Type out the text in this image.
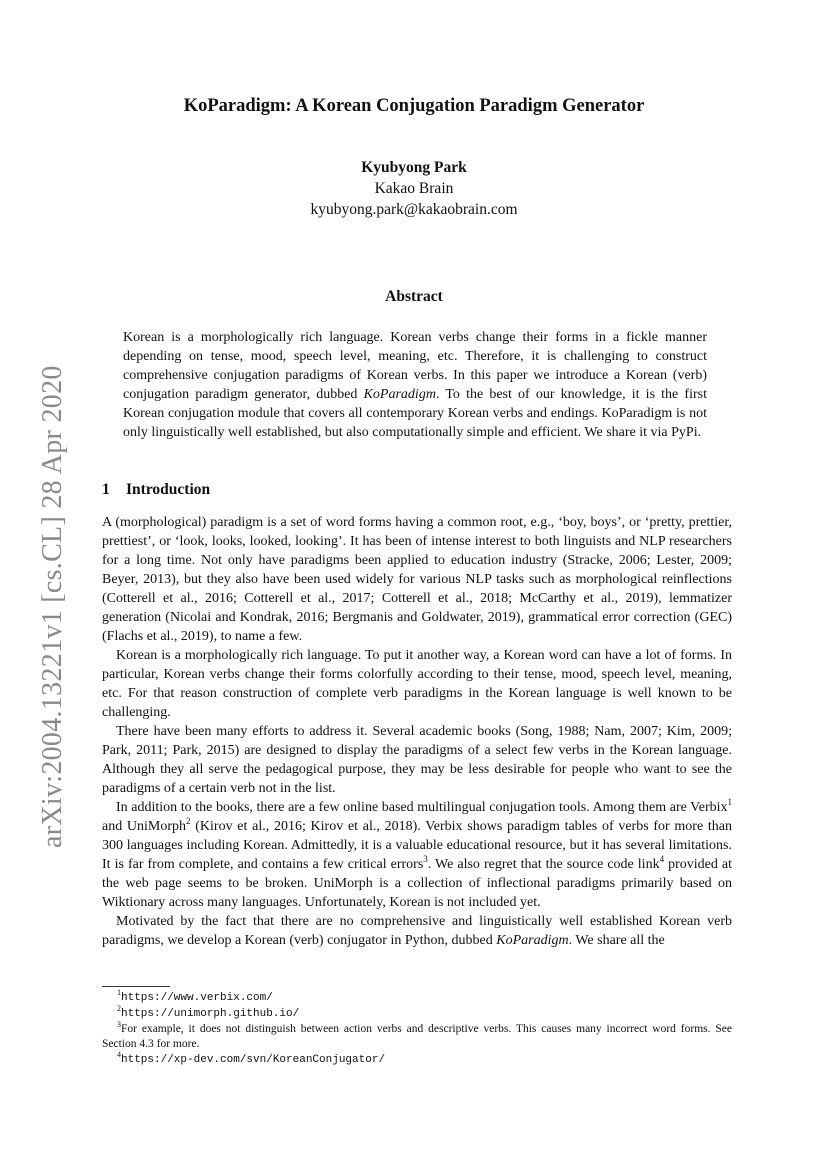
arXiv:2004.13221v1 [cs.CL] 28 Apr 2020
KoParadigm: A Korean Conjugation Paradigm Generator
Kyubyong Park
Kakao Brain
kyubyong.park@kakaobrain.com
Abstract

Korean is a morphologically rich language. Korean verbs change their forms in a fickle manner depending on tense, mood, speech level, meaning, etc. Therefore, it is challenging to construct comprehensive conjugation paradigms of Korean verbs. In this paper we introduce a Korean (verb) conjugation paradigm generator, dubbed KoParadigm. To the best of our knowledge, it is the first Korean conjugation module that covers all contemporary Korean verbs and endings. KoParadigm is not only linguistically well established, but also computationally simple and efficient. We share it via PyPi.

1 Introduction

A (morphological) paradigm is a set of word forms having a common root, e.g., ‘boy, boys’, or ‘pretty, prettier, prettiest’, or ‘look, looks, looked, looking’. It has been of intense interest to both linguists and NLP researchers for a long time. Not only have paradigms been applied to education industry (Stracke, 2006; Lester, 2009; Beyer, 2013), but they also have been used widely for various NLP tasks such as morphological reinflections (Cotterell et al., 2016; Cotterell et al., 2017; Cotterell et al., 2018; McCarthy et al., 2019), lemmatizer generation (Nicolai and Kondrak, 2016; Bergmanis and Goldwater, 2019), grammatical error correction (GEC) (Flachs et al., 2019), to name a few.

Korean is a morphologically rich language. To put it another way, a Korean word can have a lot of forms. In particular, Korean verbs change their forms colorfully according to their tense, mood, speech level, meaning, etc. For that reason construction of complete verb paradigms in the Korean language is well known to be challenging.

There have been many efforts to address it. Several academic books (Song, 1988; Nam, 2007; Kim, 2009; Park, 2011; Park, 2015) are designed to display the paradigms of a select few verbs in the Korean language. Although they all serve the pedagogical purpose, they may be less desirable for people who want to see the paradigms of a certain verb not in the list.

In addition to the books, there are a few online based multilingual conjugation tools. Among them are Verbix$^1$ and UniMorph$^2$ (Kirov et al., 2016; Kirov et al., 2018). Verbix shows paradigm tables of verbs for more than 300 languages including Korean. Admittedly, it is a valuable educational resource, but it has several limitations. It is far from complete, and contains a few critical errors$^3$. We also regret that the source code link$^4$ provided at the web page seems to be broken. UniMorph is a collection of inflectional paradigms primarily based on Wiktionary across many languages. Unfortunately, Korean is not included yet.

Motivated by the fact that there are no comprehensive and linguistically well established Korean verb paradigms, we develop a Korean (verb) conjugator in Python, dubbed KoParadigm. We share all the

$^1$https://www.verbix.com/
$^2$https://unimorph.github.io/
$^3$For example, it does not distinguish between action verbs and descriptive verbs. This causes many incorrect word forms. See Section 4.3 for more.
$^4$https://xp-dev.com/svn/KoreanConjugator/
